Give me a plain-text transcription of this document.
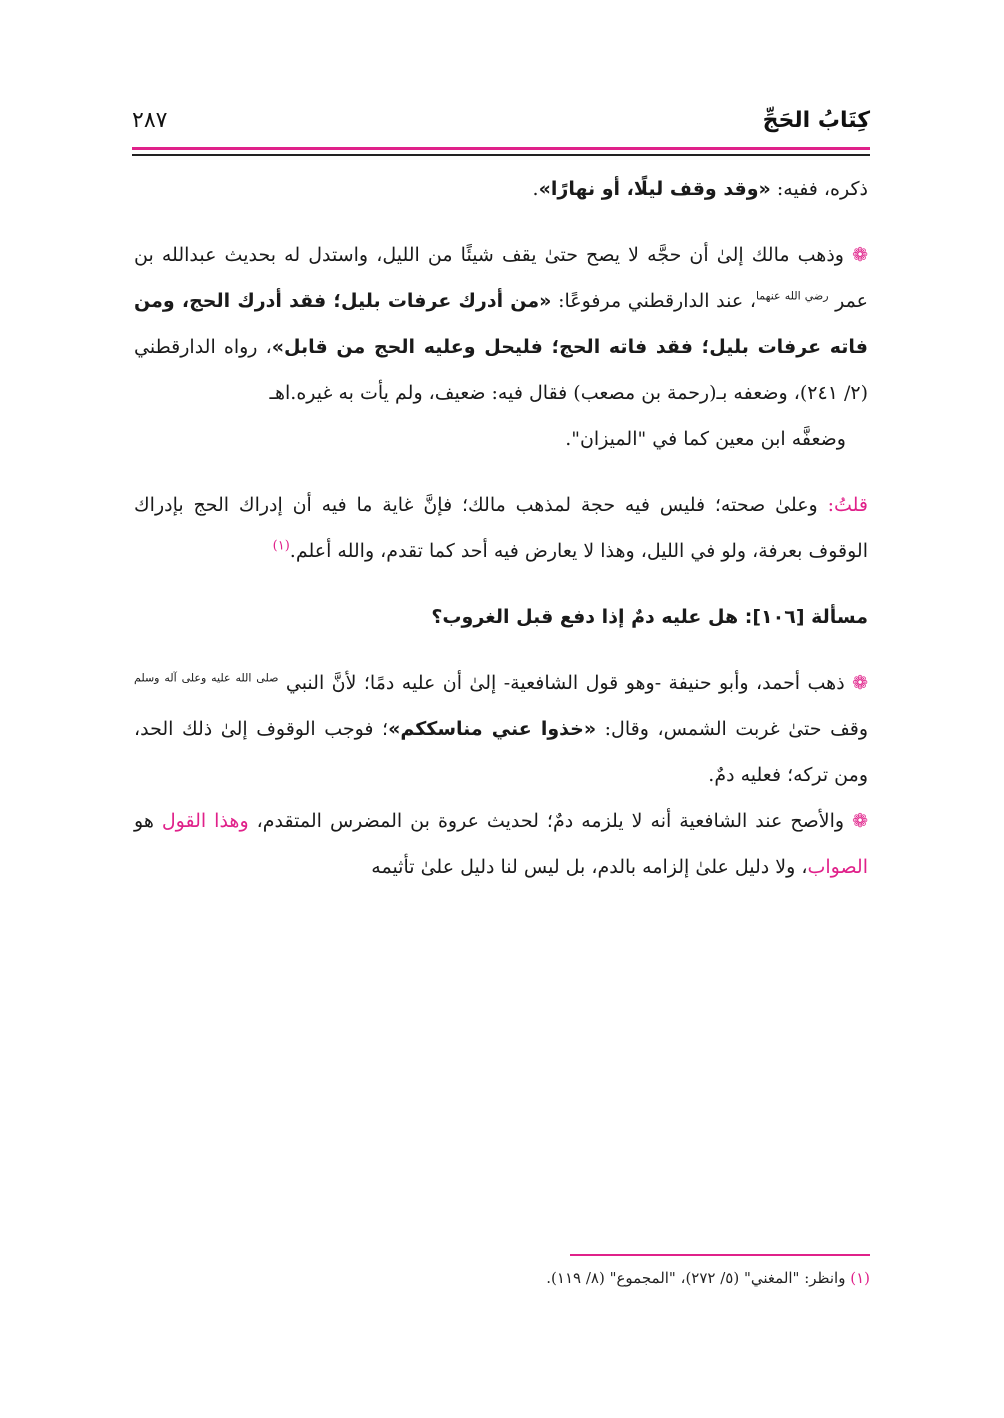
كِتَابُ الحَجِّ
٢٨٧

ذكره، ففيه: «وقد وقف ليلًا، أو نهارًا».

❁ وذهب مالك إلىٰ أن حجَّه لا يصح حتىٰ يقف شيئًا من الليل، واستدل له بحديث عبدالله بن عمر $^{رضي الله عنهما}$، عند الدارقطني مرفوعًا: «من أدرك عرفات بليل؛ فقد أدرك الحج، ومن فاته عرفات بليل؛ فقد فاته الحج؛ فليحل وعليه الحج من قابل»، رواه الدارقطني (٢/ ٢٤١)، وضعفه بـ(رحمة بن مصعب) فقال فيه: ضعيف، ولم يأت به غيره.اهـ

وضعفَّه ابن معين كما في "الميزان".

قلتُ: وعلىٰ صحته؛ فليس فيه حجة لمذهب مالك؛ فإنَّ غاية ما فيه أن إدراك الحج بإدراك الوقوف بعرفة، ولو في الليل، وهذا لا يعارض فيه أحد كما تقدم، والله أعلم.$^{(١)}$

مسألة [١٠٦]: هل عليه دمٌ إذا دفع قبل الغروب؟

❁ ذهب أحمد، وأبو حنيفة -وهو قول الشافعية- إلىٰ أن عليه دمًا؛ لأنَّ النبي $^{صلى الله عليه وعلى آله وسلم}$ وقف حتىٰ غربت الشمس، وقال: «خذوا عني مناسككم»؛ فوجب الوقوف إلىٰ ذلك الحد، ومن تركه؛ فعليه دمٌ.

❁ والأصح عند الشافعية أنه لا يلزمه دمٌ؛ لحديث عروة بن المضرس المتقدم، وهذا القول هو الصواب، ولا دليل علىٰ إلزامه بالدم، بل ليس لنا دليل علىٰ تأثيمه

(١) وانظر: "المغني" (٥/ ٢٧٢)، "المجموع" (٨/ ١١٩).
